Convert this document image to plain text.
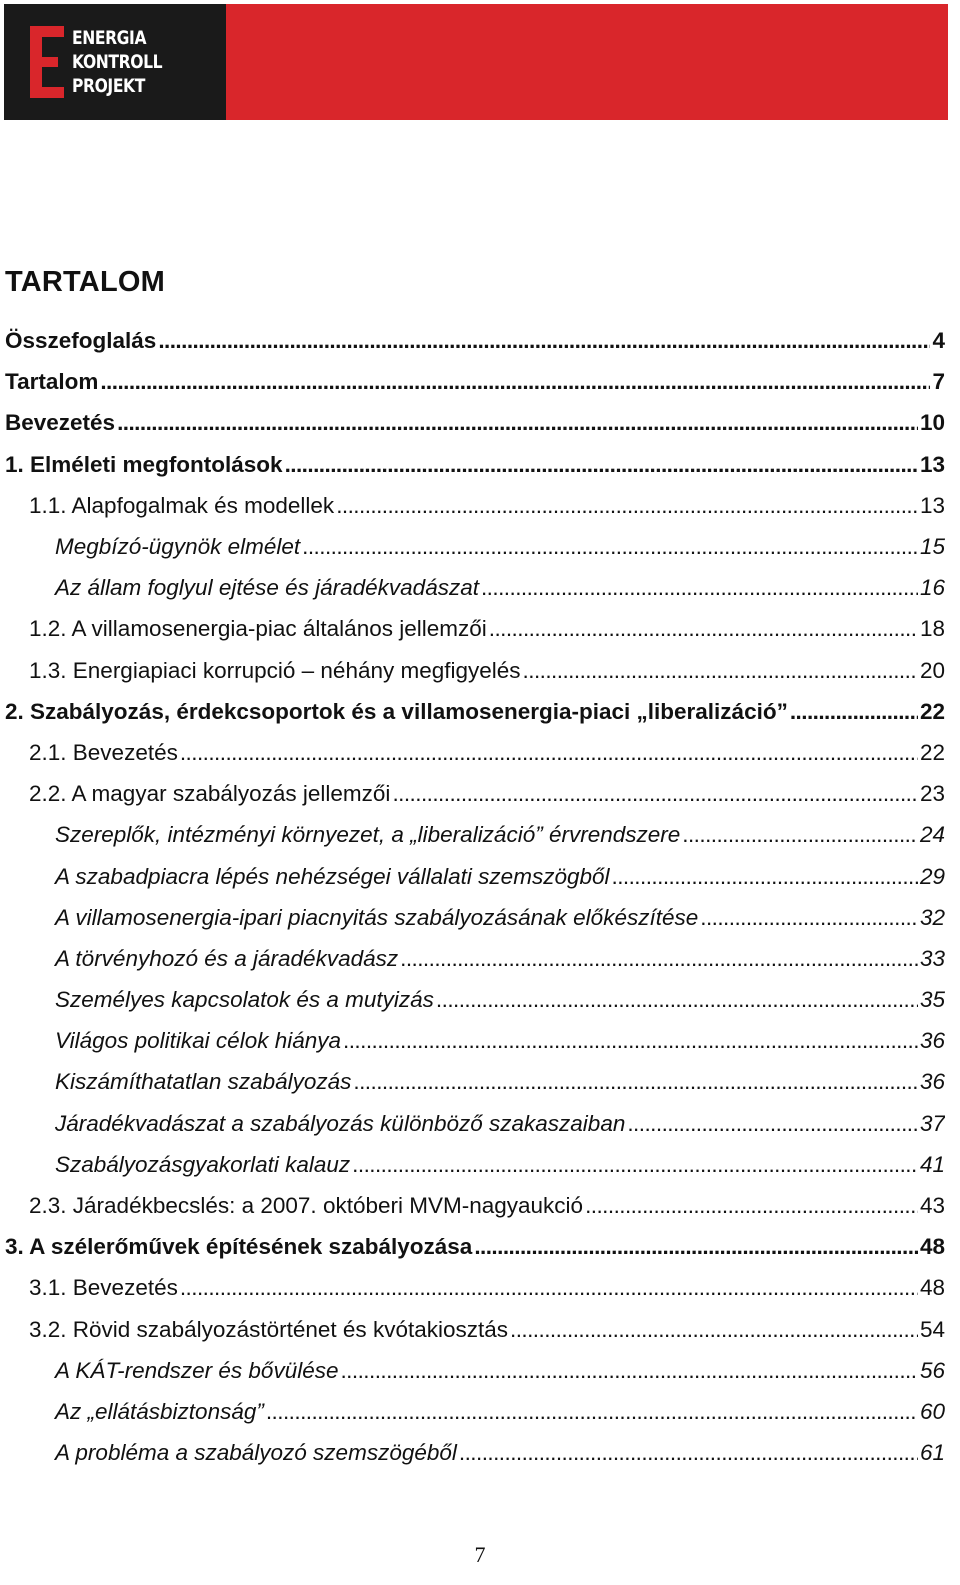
ENERGIA
KONTROLL
PROJEKT
TARTALOM
Összefoglalás . . .	4
Tartalom . . .	7
Bevezetés . . .	10
1. Elméleti megfontolások . . .	13
1.1. Alapfogalmak és modellek . . .	13
Megbízó-ügynök elmélet . . .	15
Az állam foglyul ejtése és járadékvadászat . . .	16
1.2. A villamosenergia-piac általános jellemzői . . .	18
1.3. Energiapiaci korrupció – néhány megfigyelés . . .	20
2. Szabályozás, érdekcsoportok és a villamosenergia-piaci „liberalizáció” . . .	22
2.1. Bevezetés . . .	22
2.2. A magyar szabályozás jellemzői . . .	23
Szereplők, intézményi környezet, a „liberalizáció” érvrendszere . . .	24
A szabadpiacra lépés nehézségei vállalati szemszögből . . .	29
A villamosenergia-ipari piacnyitás szabályozásának előkészítése . . .	32
A törvényhozó és a járadékvadász . . .	33
Személyes kapcsolatok és a mutyizás . . .	35
Világos politikai célok hiánya . . .	36
Kiszámíthatatlan szabályozás . . .	36
Járadékvadászat a szabályozás különböző szakaszaiban . . .	37
Szabályozásgyakorlati kalauz . . .	41
2.3. Járadékbecslés: a 2007. októberi MVM-nagyaukció . . .	43
3. A szélerőművek építésének szabályozása . . .	48
3.1. Bevezetés . . .	48
3.2. Rövid szabályozástörténet és kvótakiosztás . . .	54
A KÁT-rendszer és bővülése . . .	56
Az „ellátásbiztonság” . . .	60
A probléma a szabályozó szemszögéből . . .	61
7
